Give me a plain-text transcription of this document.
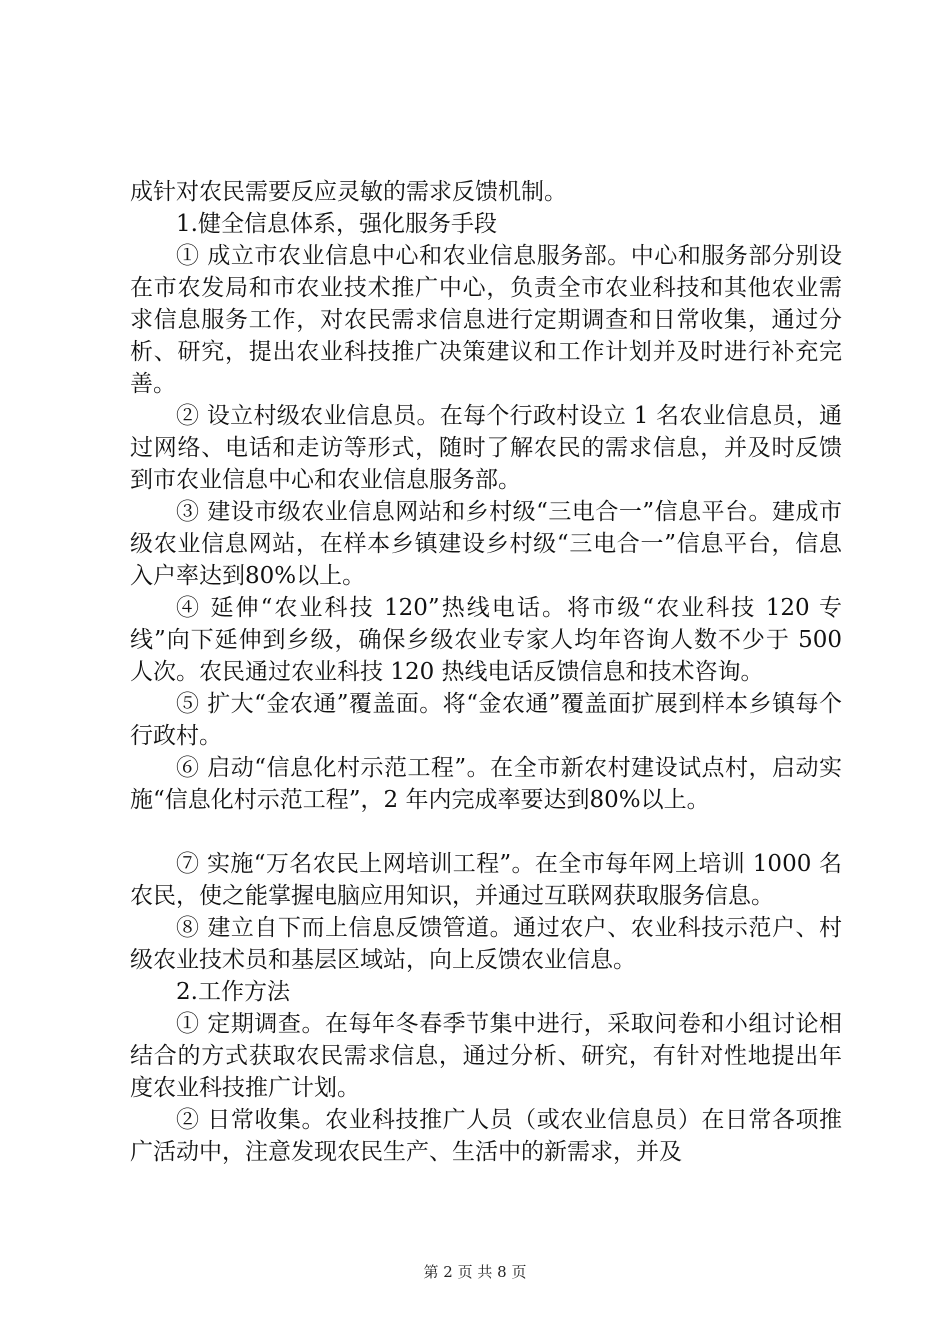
成针对农民需要反应灵敏的需求反馈机制。

1.健全信息体系，强化服务手段

① 成立市农业信息中心和农业信息服务部。中心和服务部分别设在市农发局和市农业技术推广中心，负责全市农业科技和其他农业需求信息服务工作，对农民需求信息进行定期调查和日常收集，通过分析、研究，提出农业科技推广决策建议和工作计划并及时进行补充完善。

② 设立村级农业信息员。在每个行政村设立 1 名农业信息员，通过网络、电话和走访等形式，随时了解农民的需求信息，并及时反馈到市农业信息中心和农业信息服务部。

③ 建设市级农业信息网站和乡村级“三电合一”信息平台。建成市级农业信息网站，在样本乡镇建设乡村级“三电合一”信息平台，信息入户率达到80%以上。

④ 延伸“农业科技 120”热线电话。将市级“农业科技 120 专线”向下延伸到乡级，确保乡级农业专家人均年咨询人数不少于 500 人次。农民通过农业科技 120 热线电话反馈信息和技术咨询。

⑤ 扩大“金农通”覆盖面。将“金农通”覆盖面扩展到样本乡镇每个行政村。

⑥ 启动“信息化村示范工程”。在全市新农村建设试点村，启动实施“信息化村示范工程”，2 年内完成率要达到80%以上。

⑦ 实施“万名农民上网培训工程”。在全市每年网上培训 1000 名农民，使之能掌握电脑应用知识，并通过互联网获取服务信息。

⑧ 建立自下而上信息反馈管道。通过农户、农业科技示范户、村级农业技术员和基层区域站，向上反馈农业信息。

2.工作方法

① 定期调查。在每年冬春季节集中进行，采取问卷和小组讨论相结合的方式获取农民需求信息，通过分析、研究，有针对性地提出年度农业科技推广计划。

② 日常收集。农业科技推广人员（或农业信息员）在日常各项推广活动中，注意发现农民生产、生活中的新需求，并及

第 2 页 共 8 页
